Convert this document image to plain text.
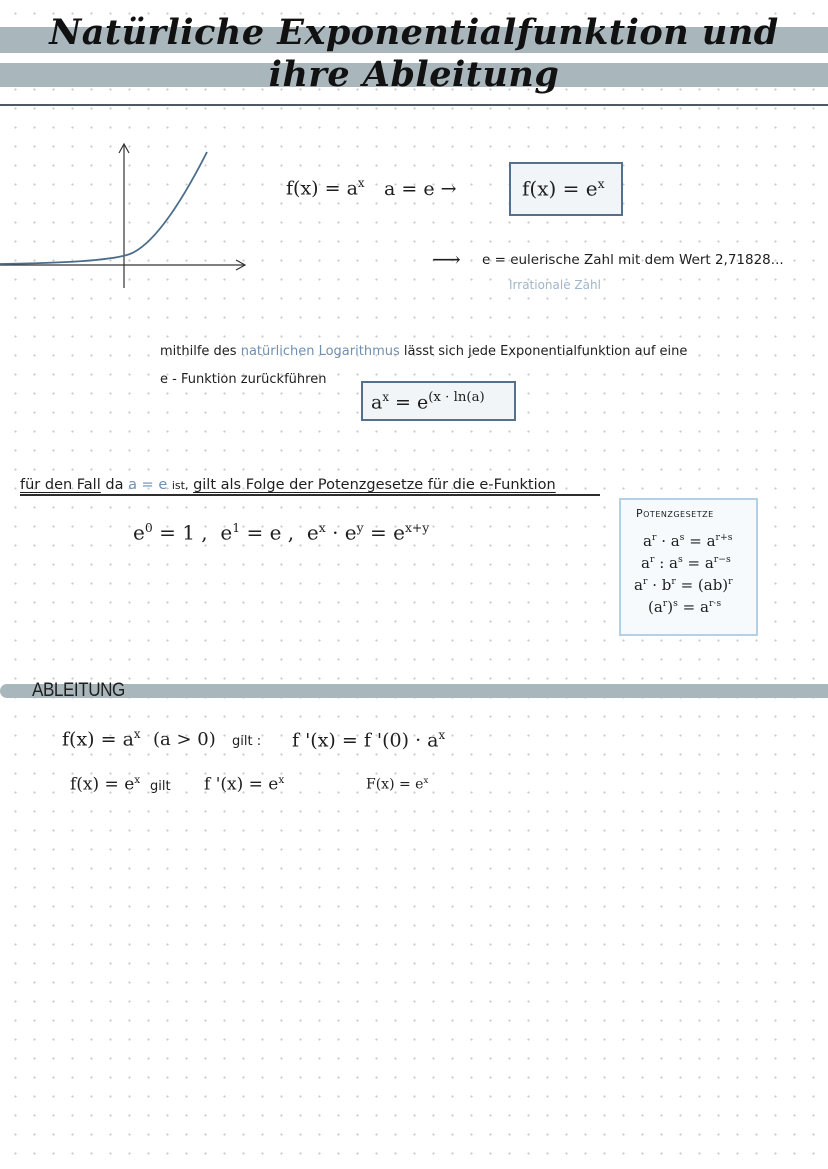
Natürliche Exponentialfunktion und
ihre Ableitung
$f(x) = a^x$ a = e →	$f(x) = e^x$
⟶ e = eulerische Zahl mit dem Wert 2,71828...
Irrationale Zahl
mithilfe des natürlichen Logarithmus lässt sich jede Exponentialfunktion auf eine
e - Funktion zurückführen
$a^x = e^{(x \cdot ln(a)}$
für den Fall da a = e ist, gilt als Folge der Potenzgesetze für die e-Funktion
$e^0 = 1$ , $e^1 = e$ , $e^x \cdot e^y = e^{x+y}$
Potenzgesetze
$a^r \cdot a^s = a^{r+s}$
$a^r$ : $a^s = a^{r-s}$
$a^r \cdot b^r = (ab)^r$
$(a^r)^s = a^{r\cdot s}$
ABLEITUNG
$f(x) = a^x$ (a > 0) gilt : f '(x) = f '$(0) \cdot a^x$
$f(x) = e^x$ gilt f '$(x) = e^x$	$F(x) = e^x$
